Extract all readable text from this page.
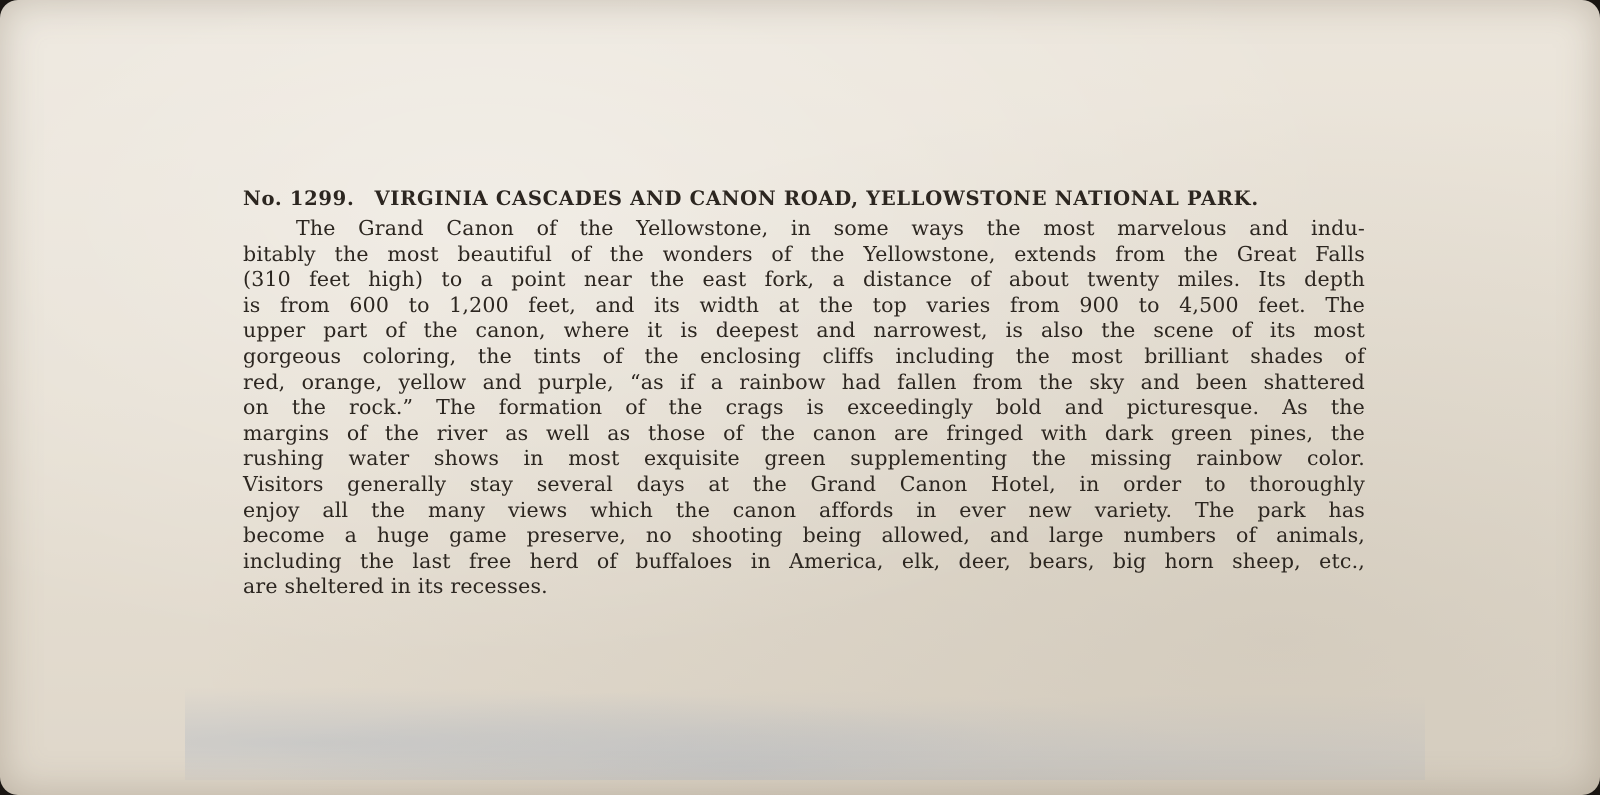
No. 1299. VIRGINIA CASCADES AND CANON ROAD, YELLOWSTONE NATIONAL PARK.
The Grand Canon of the Yellowstone, in some ways the most marvelous and indu-
bitably the most beautiful of the wonders of the Yellowstone, extends from the Great Falls
(310 feet high) to a point near the east fork, a distance of about twenty miles. Its depth
is from 600 to 1,200 feet, and its width at the top varies from 900 to 4,500 feet. The
upper part of the canon, where it is deepest and narrowest, is also the scene of its most
gorgeous coloring, the tints of the enclosing cliffs including the most brilliant shades of
red, orange, yellow and purple, “as if a rainbow had fallen from the sky and been shattered
on the rock.” The formation of the crags is exceedingly bold and picturesque. As the
margins of the river as well as those of the canon are fringed with dark green pines, the
rushing water shows in most exquisite green supplementing the missing rainbow color.
Visitors generally stay several days at the Grand Canon Hotel, in order to thoroughly
enjoy all the many views which the canon affords in ever new variety. The park has
become a huge game preserve, no shooting being allowed, and large numbers of animals,
including the last free herd of buffaloes in America, elk, deer, bears, big horn sheep, etc.,
are sheltered in its recesses.
